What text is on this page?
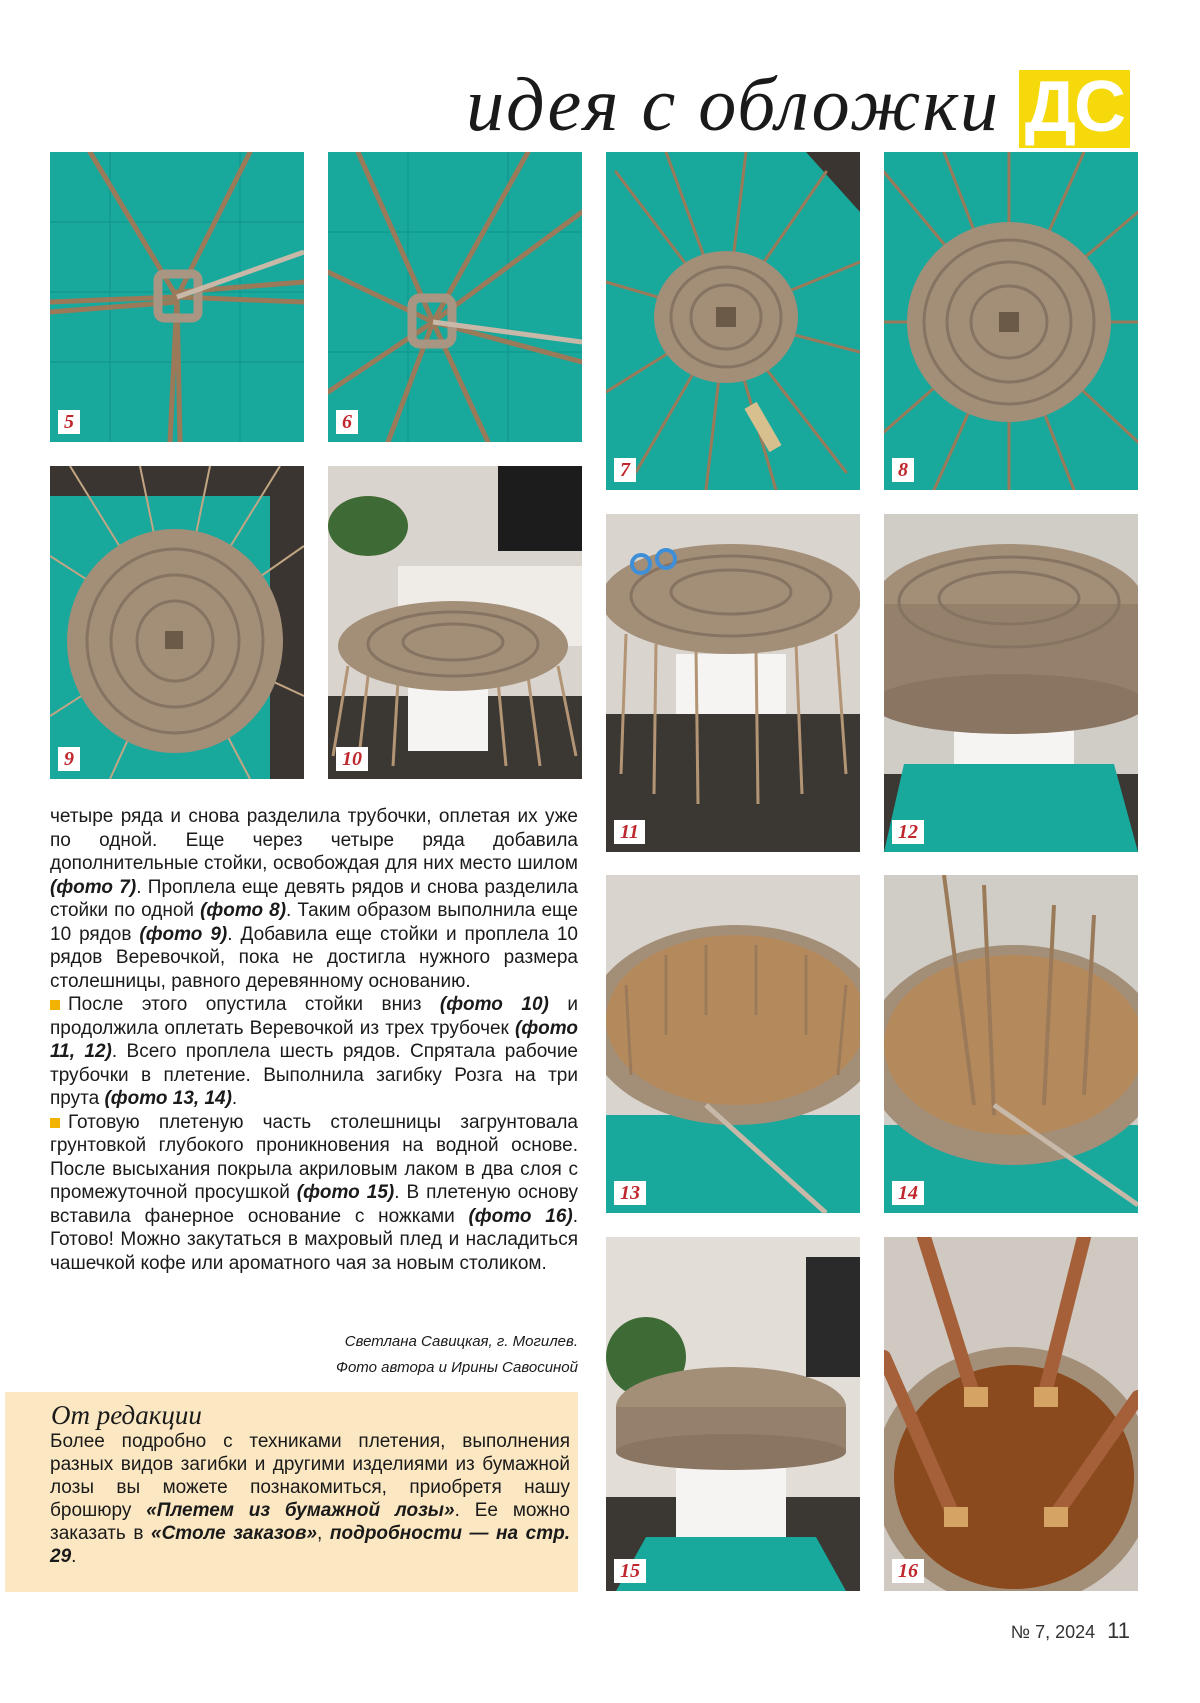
идея с обложки ДС
5	6
7	8
9	10
11	12
13	14
15	16

четыре ряда и снова разделила трубочки, оплетая их уже по одной. Еще через четыре ряда добавила дополнительные стойки, освобождая для них место шилом (фото 7). Проплела еще девять рядов и снова разделила стойки по одной (фото 8). Таким образом выполнила еще 10 рядов (фото 9). Добавила еще стойки и проплела 10 рядов Веревочкой, пока не достигла нужного размера столешницы, равного деревянному основанию.

После этого опустила стойки вниз (фото 10) и продолжила оплетать Веревочкой из трех трубочек (фото 11, 12). Всего проплела шесть рядов. Спрятала рабочие трубочки в плетение. Выполнила загибку Розга на три прута (фото 13, 14).

Готовую плетеную часть столешницы загрунтовала грунтовкой глубокого проникновения на водной основе. После высыхания покрыла акриловым лаком в два слоя с промежуточной просушкой (фото 15). В плетеную основу вставила фанерное основание с ножками (фото 16). Готово! Можно закутаться в махровый плед и насладиться чашечкой кофе или ароматного чая за новым столиком.

Светлана Савицкая, г. Могилев.
Фото автора и Ирины Савосиной
От редакции
Более подробно с техниками плетения, выполнения разных видов загибки и другими изделиями из бумажной лозы вы можете познакомиться, приобретя нашу брошюру «Плетем из бумажной лозы». Ее можно заказать в «Столе заказов», подробности — на стр. 29.
№ 7, 2024 11
